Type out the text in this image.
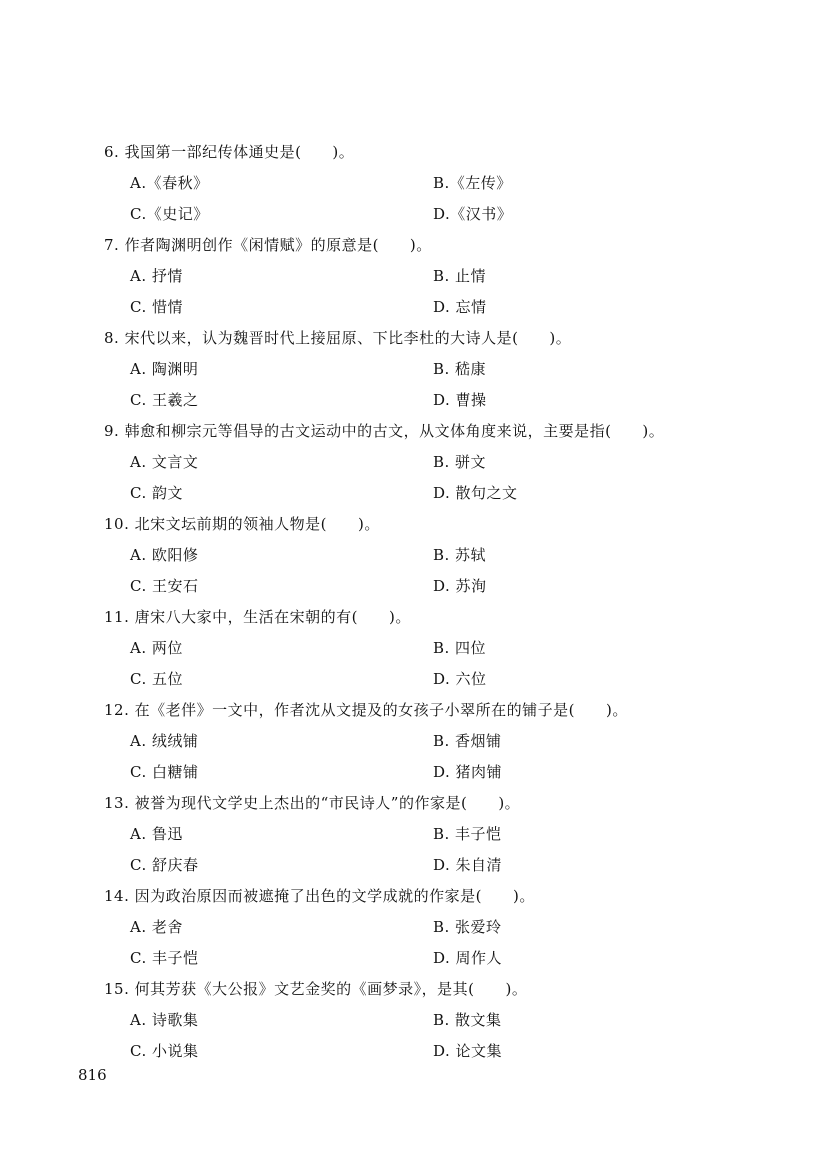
6. 我国第一部纪传体通史是(　　)。
A.《春秋》	B.《左传》
C.《史记》	D.《汉书》
7. 作者陶渊明创作《闲情赋》的原意是(　　)。
A. 抒情	B. 止情
C. 惜情	D. 忘情
8. 宋代以来，认为魏晋时代上接屈原、下比李杜的大诗人是(　　)。
A. 陶渊明	B. 嵇康
C. 王羲之	D. 曹操
9. 韩愈和柳宗元等倡导的古文运动中的古文，从文体角度来说，主要是指(　　)。
A. 文言文	B. 骈文
C. 韵文	D. 散句之文
10. 北宋文坛前期的领袖人物是(　　)。
A. 欧阳修	B. 苏轼
C. 王安石	D. 苏洵
11. 唐宋八大家中，生活在宋朝的有(　　)。
A. 两位	B. 四位
C. 五位	D. 六位
12. 在《老伴》一文中，作者沈从文提及的女孩子小翠所在的铺子是(　　)。
A. 绒绒铺	B. 香烟铺
C. 白糖铺	D. 猪肉铺
13. 被誉为现代文学史上杰出的“市民诗人”的作家是(　　)。
A. 鲁迅	B. 丰子恺
C. 舒庆春	D. 朱自清
14. 因为政治原因而被遮掩了出色的文学成就的作家是(　　)。
A. 老舍	B. 张爱玲
C. 丰子恺	D. 周作人
15. 何其芳获《大公报》文艺金奖的《画梦录》，是其(　　)。
A. 诗歌集	B. 散文集
C. 小说集	D. 论文集
816
